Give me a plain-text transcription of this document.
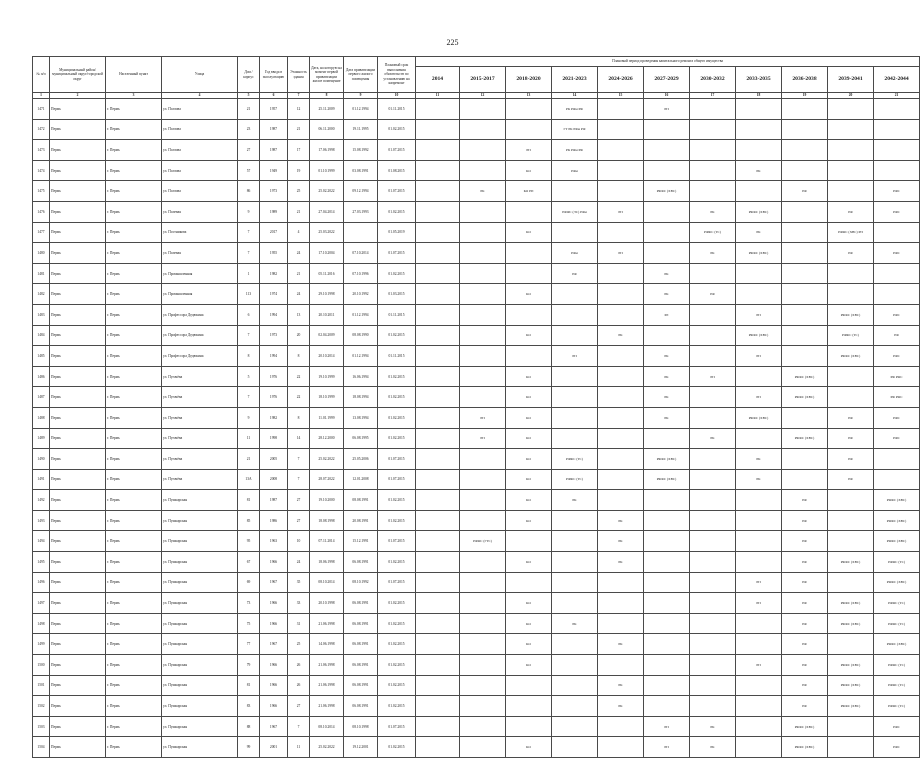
225
№ п/п	Муниципальный район/муниципальный округ/городской округ	Населенный пункт	Улица	Дом / корпус	Год ввода в эксплуатацию	Этажность здания	Дата, на которую на момент первой приватизации жилое помещение	Дата приватизации первого жилого помещения	Плановый срок выполнения обязательств по установлению на капремонт	Плановый период проведения капитального ремонта общего имущества										
										2014	2015-2017	2018-2020	2021-2023	2024-2026	2027-2029	2030-2032	2033-2035	2036-2038	2039-2041	2042-2044
1	2	3	4	5	6	7	8	9	10	11	12	13	14	15	16	17	18	19	20	21
1471	Пермь	г. Пермь	ул. Ползова	21	1957	12	25.11.2009	01.12.1994	01.11.2015				РК РФм РФ		РП					
1472	Пермь	г. Пермь	ул. Ползова	23	1987	21	06.11.2000	19.11.1995	01.02.2015				ГТ РК РФм РФ							
1473	Пермь	г. Пермь	ул. Ползова	27	1987	17	17.06.1998	15.08.1992	01.07.2015			РП	РК РФм РФ							
1474	Пермь	г. Пермь	ул. Ползова	57	1949	19	01.10.1999	03.08.1991	01.08.2015			КО	РФм				РК			
1475	Пермь	г. Пермь	ул. Ползова	86	1973	25	25.02.2022	09.12.1994	01.07.2015		РК	КО РП			РФФС (ХВС)			РФ		РФС
1476	Пермь	г. Пермь	ул. Полевая	9	1989	21	27.04.2014	27.03.1993	01.02.2015				РФФС (ЭС) РФм	РП		РК	РФФС (ХВС)		РФ	РФС
1477	Пермь	г. Пермь	ул. Постникова	7	2017	4	25.03.2022		01.05.2019			КО				РФФС (ТС)	РК		РФФС (ХВС) РП	
1480	Пермь	г. Пермь	ул. Полевая	7	1955	24	17.10.2004	07.10.2014	01.07.2015				РФм	РП		РК	РФФС (ХВС)		РФ	РФС
1481	Пермь	г. Пермь	ул. Промышленная	1	1982	21	05.11.2016	07.10.1996	01.02.2015				РФ		РК					
1482	Пермь	г. Пермь	ул. Промышленная	113	1974	24	29.10.1998	20.10.1992	01.03.2015			КО			РК	РФ				
1483	Пермь	г. Пермь	ул. Профессора Дедюкина	6	1994	13	20.10.2011	01.12.1994	01.11.2015						РЛ		РП		РФФС (ХВС)	РФС
1484	Пермь	г. Пермь	ул. Профессора Дедюкина	7	1973	20	02.04.2009	08.08.1990	01.02.2015			КО		РК			РФФС (ХВС)		РФФС (ТС)	РФ
1485	Пермь	г. Пермь	ул. Профессора Дедюкина	8	1994	8	20.10.2014	01.12.1994	01.11.2015				РП		РК		РП		РФФС (ХВС)	РФС
1486	Пермь	г. Пермь	ул. Пугачёва	5	1976	22	19.10.1999	16.06.1994	01.02.2015			КО			РК	РП		РФФС (ХВС)		РФ РФС
1487	Пермь	г. Пермь	ул. Пугачёва	7	1976	22	18.10.1999	18.08.1994	01.02.2015			КО			РК		РП	РФФС (ХВС)		РФ РФС
1488	Пермь	г. Пермь	ул. Пугачёва	9	1982	8	11.01.1999	13.08.1994	01.02.2015		РП	КО			РК		РФФС (ХВС)		РФ	РФС
1489	Пермь	г. Пермь	ул. Пугачёва	11	1998	14	28.12.2000	06.08.1995	01.02.2015		РП	КО				РК		РФФС (ХВС)	РФ	РФС
1490	Пермь	г. Пермь	ул. Пугачёва	21	2005	7	25.02.2022	25.05.2006	01.07.2015			КО	РФФС (ТС)		РФФС (ХВС)		РК		РФ	
1491	Пермь	г. Пермь	ул. Пугачёва	13А	2008	7	28.07.2022	12.01.2008	01.07.2015			КО	РФФС (ТС)		РФФС (ХВС)		РК		РФ	
1492	Пермь	г. Пермь	ул. Пушкарская	81	1987	27	19.10.2000	08.08.1991	01.02.2015			КО	РК					РФ		РФФС (ХВС)
1493	Пермь	г. Пермь	ул. Пушкарская	85	1986	27	18.08.1998	20.08.1991	01.02.2015			КО		РК				РФ		РФФС (ХВС)
1494	Пермь	г. Пермь	ул. Пушкарская	95	1963	10	07.11.2014	15.12.1991	01.07.2015		РФФС (ГТС)			РК				РФ		РФФС (ХВС)
1495	Пермь	г. Пермь	ул. Пушкарская	67	1966	24	18.06.1998	06.08.1991	01.02.2015			КО		РК				РФ	РФФС (ХВС)	РФФС (ТС)
1496	Пермь	г. Пермь	ул. Пушкарская	69	1967	35	08.10.2014	08.10.1992	01.07.2015								РП	РФ		РФФС (ХВС)
1497	Пермь	г. Пермь	ул. Пушкарская	73	1966	33	20.10.1998	06.08.1991	01.02.2015			КО					РП	РФ	РФФС (ХВС)	РФФС (ТС)
1498	Пермь	г. Пермь	ул. Пушкарская	75	1966	31	21.06.1998	06.08.1991	01.02.2015			КО	РК					РФ	РФФС (ХВС)	РФФС (ТС)
1499	Пермь	г. Пермь	ул. Пушкарская	77	1967	25	14.06.1998	06.08.1991	01.02.2015			КО		РК				РФ		РФФС (ХВС)
1500	Пермь	г. Пермь	ул. Пушкарская	79	1966	26	21.06.1998	06.08.1991	01.02.2015			КО					РП	РФ	РФФС (ХВС)	РФФС (ТС)
1501	Пермь	г. Пермь	ул. Пушкарская	81	1966	26	21.06.1998	06.08.1991	01.02.2015					РК				РФ	РФФС (ХВС)	РФФС (ТС)
1502	Пермь	г. Пермь	ул. Пушкарская	83	1966	27	21.06.1998	06.08.1991	01.02.2015					РК				РФ	РФФС (ХВС)	РФФС (ТС)
1503	Пермь	г. Пермь	ул. Пушкарская	88	1967	7	08.10.2014	08.10.1998	01.07.2015						РП	РК		РФФС (ХВС)		РФС
1504	Пермь	г. Пермь	ул. Пушкарская	99	2001	11	25.02.2022	19.12.2001	01.02.2015			КО			РП	РК		РФФС (ХВС)		РФС
